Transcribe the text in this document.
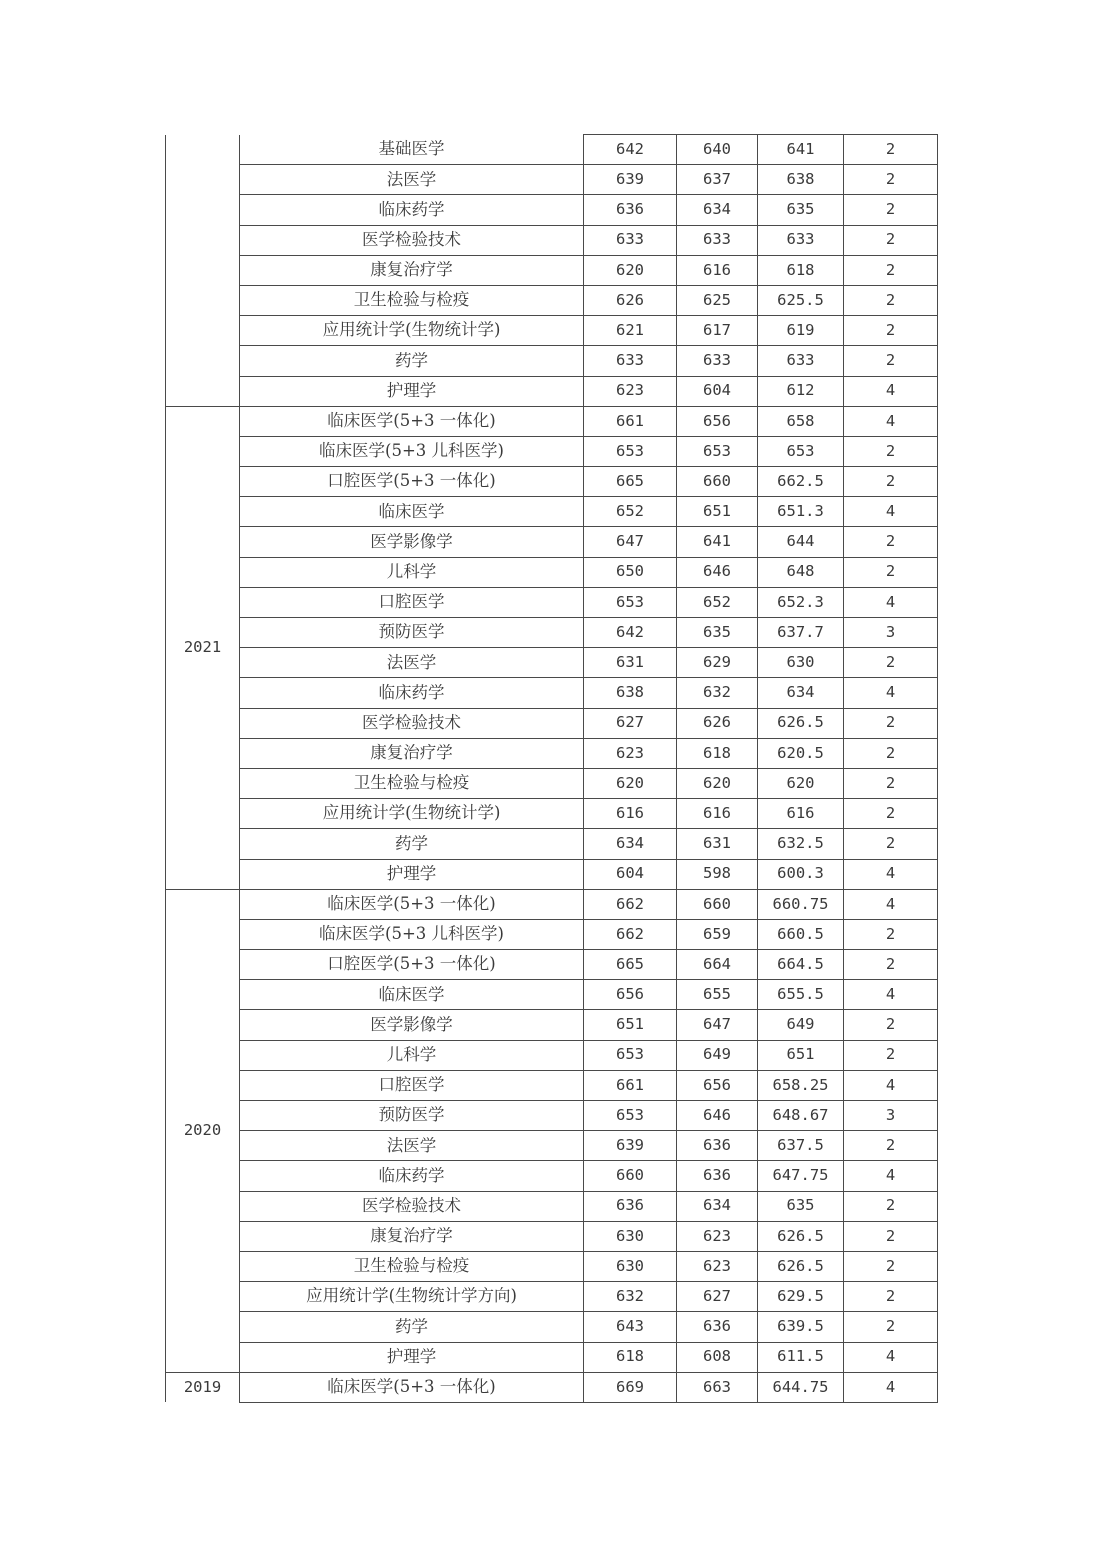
	基础医学	642	640	641	2
	法医学	639	637	638	2
	临床药学	636	634	635	2
	医学检验技术	633	633	633	2
	康复治疗学	620	616	618	2
	卫生检验与检疫	626	625	625.5	2
	应用统计学(生物统计学)	621	617	619	2
	药学	633	633	633	2
	护理学	623	604	612	4
2021	临床医学(5+3 一体化)	661	656	658	4
	临床医学(5+3 儿科医学)	653	653	653	2
	口腔医学(5+3 一体化)	665	660	662.5	2
	临床医学	652	651	651.3	4
	医学影像学	647	641	644	2
	儿科学	650	646	648	2
	口腔医学	653	652	652.3	4
	预防医学	642	635	637.7	3
	法医学	631	629	630	2
	临床药学	638	632	634	4
	医学检验技术	627	626	626.5	2
	康复治疗学	623	618	620.5	2
	卫生检验与检疫	620	620	620	2
	应用统计学(生物统计学)	616	616	616	2
	药学	634	631	632.5	2
	护理学	604	598	600.3	4
2020	临床医学(5+3 一体化)	662	660	660.75	4
	临床医学(5+3 儿科医学)	662	659	660.5	2
	口腔医学(5+3 一体化)	665	664	664.5	2
	临床医学	656	655	655.5	4
	医学影像学	651	647	649	2
	儿科学	653	649	651	2
	口腔医学	661	656	658.25	4
	预防医学	653	646	648.67	3
	法医学	639	636	637.5	2
	临床药学	660	636	647.75	4
	医学检验技术	636	634	635	2
	康复治疗学	630	623	626.5	2
	卫生检验与检疫	630	623	626.5	2
	应用统计学(生物统计学方向)	632	627	629.5	2
	药学	643	636	639.5	2
	护理学	618	608	611.5	4
2019	临床医学(5+3 一体化)	669	663	644.75	4
